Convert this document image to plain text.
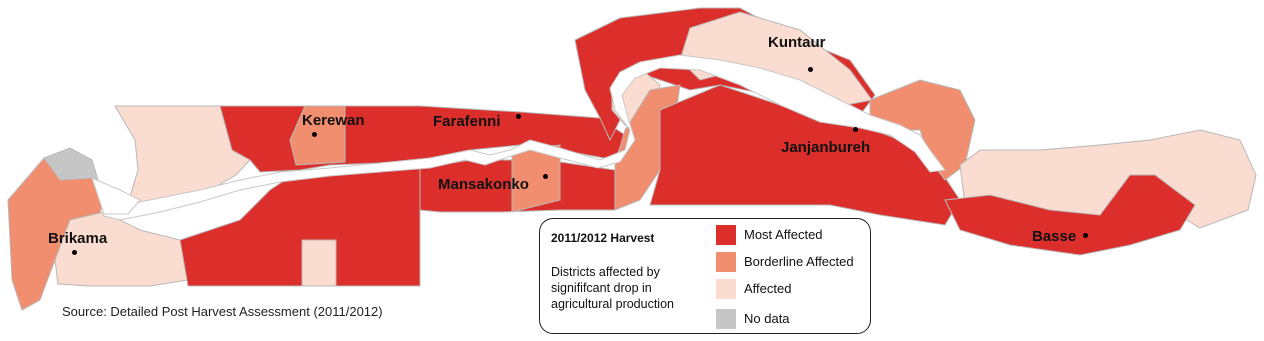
Kerewan	Farafenni
Kuntaur
Janjanbureh
Mansakonko
Brikama	Basse
Source: Detailed Post Harvest Assessment (2011/2012)
2011/2012 Harvest
Districts affected by signififcant drop in agricultural production
Most Affected
Borderline Affected
Affected
No data
